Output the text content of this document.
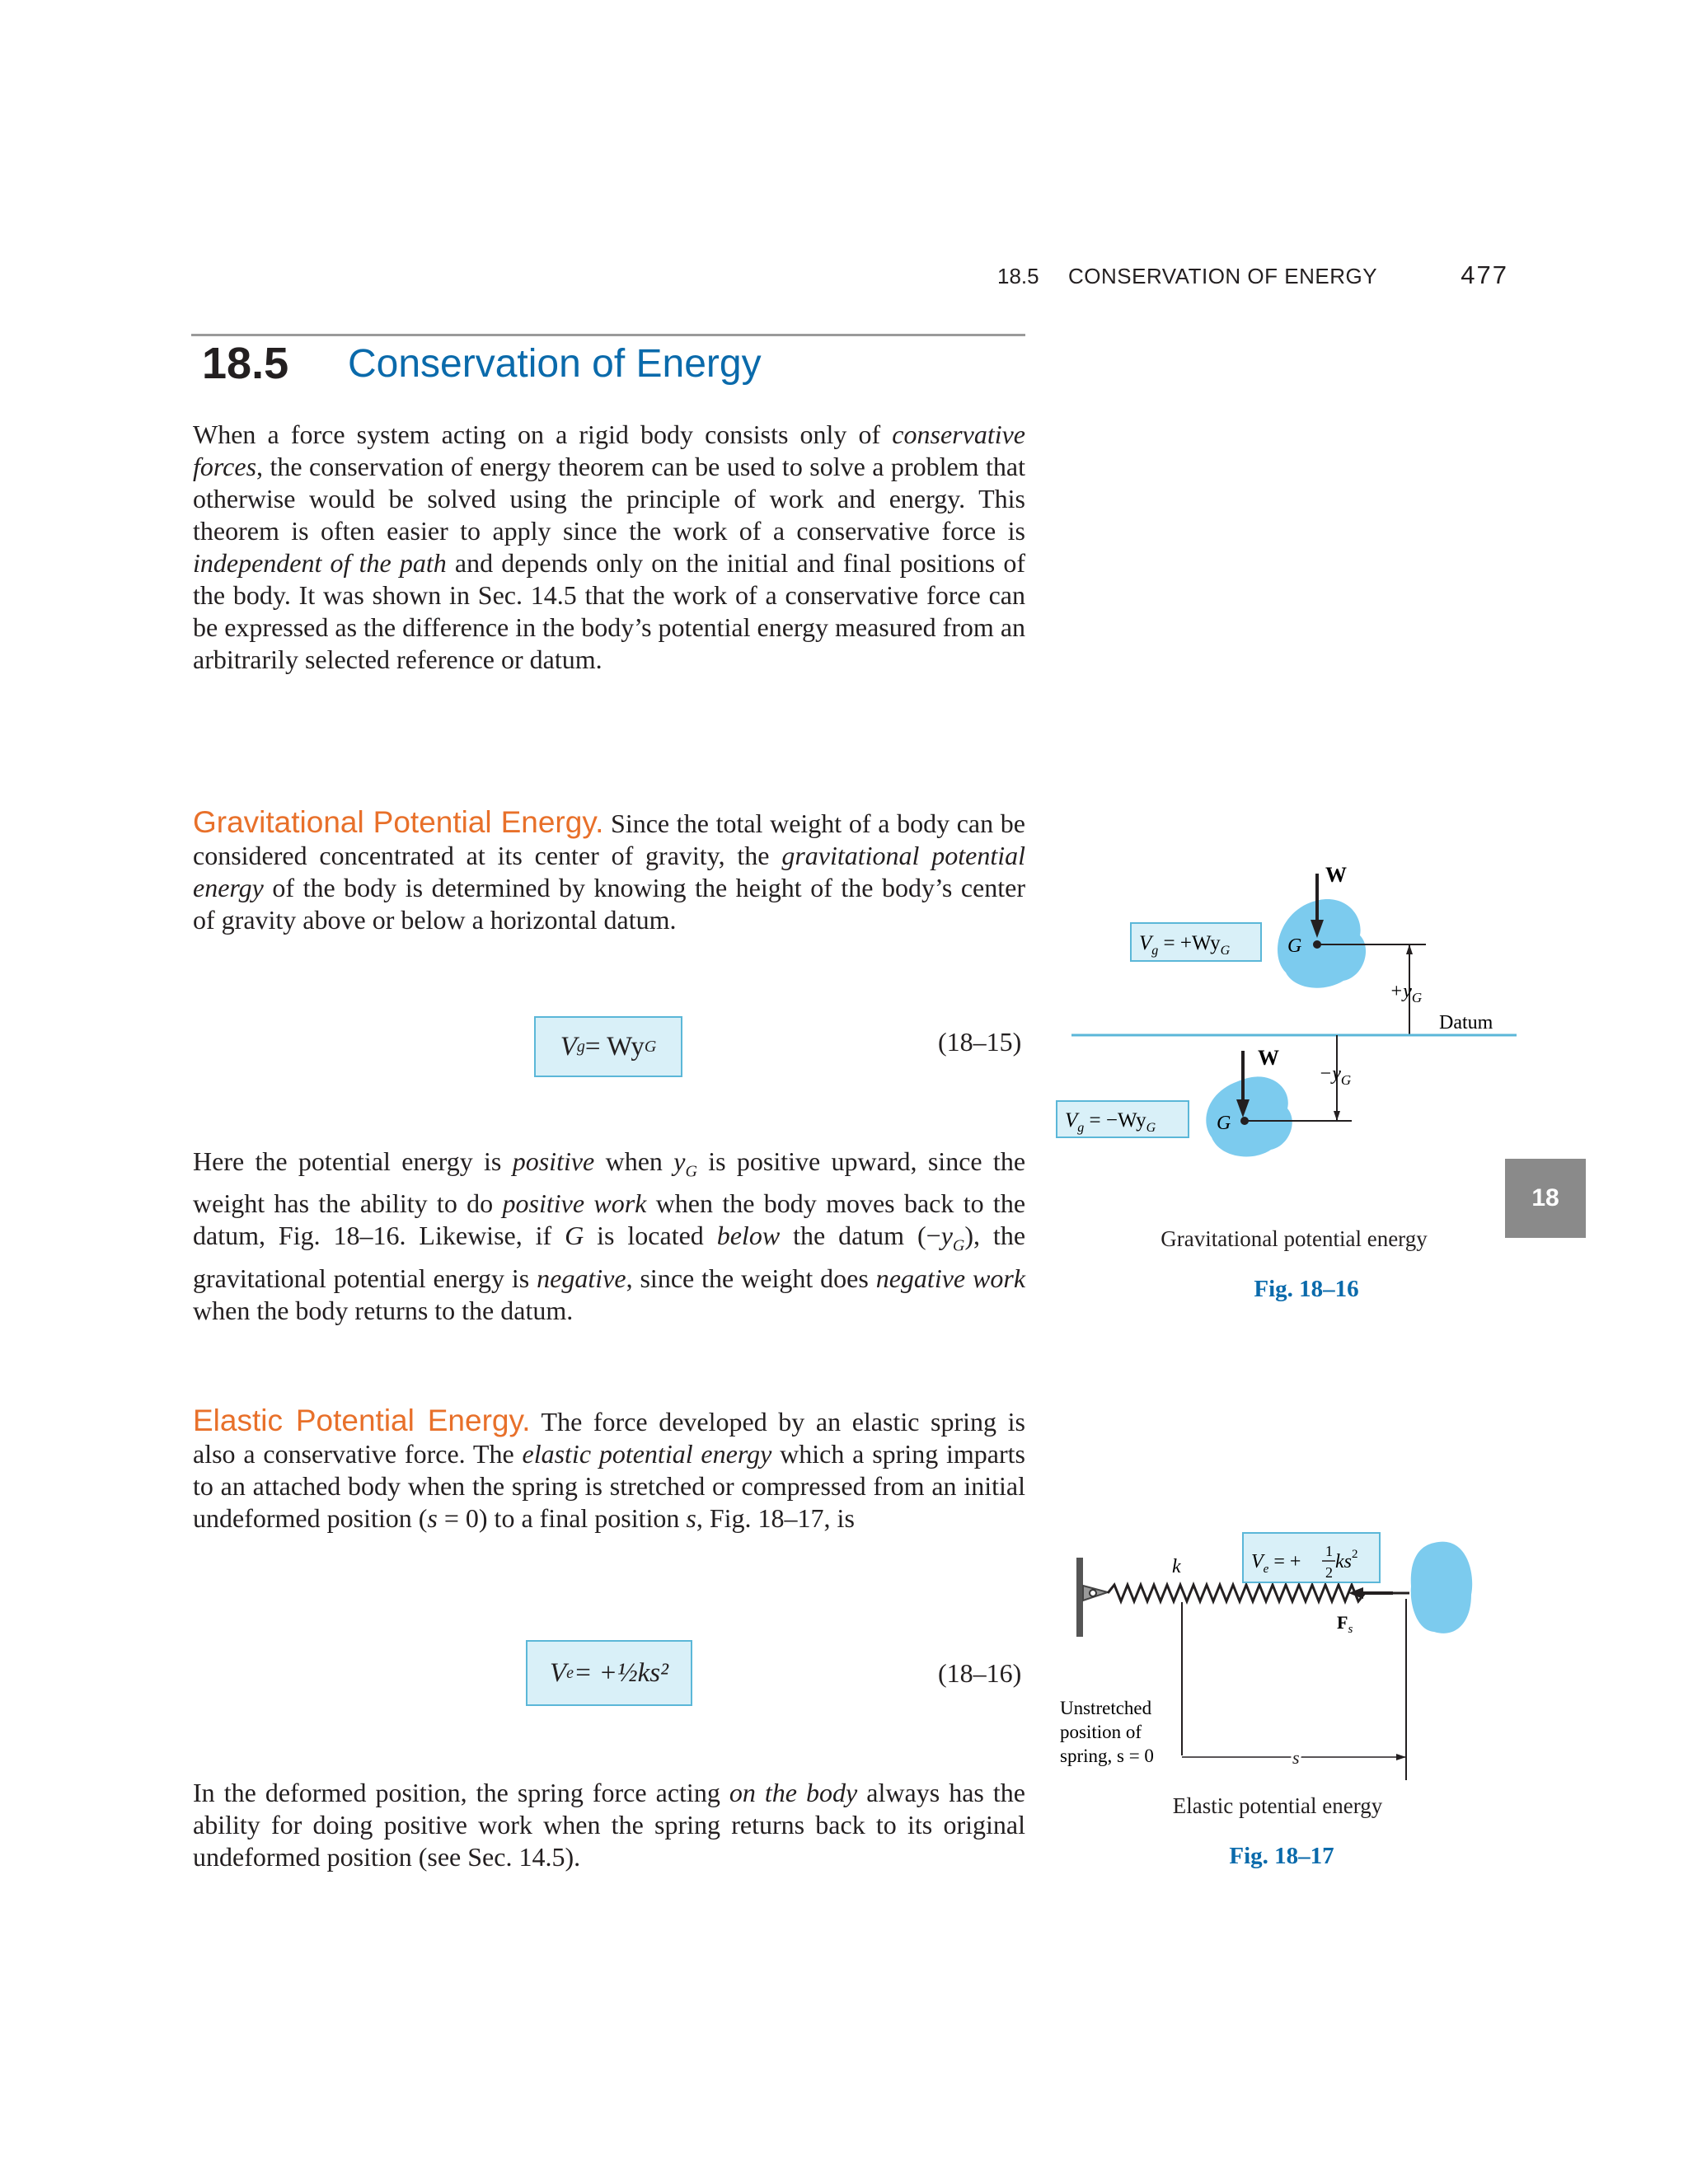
18.5 CONSERVATION OF ENERGY	477
18.5 Conservation of Energy
When a force system acting on a rigid body consists only of conservative forces, the conservation of energy theorem can be used to solve a problem that otherwise would be solved using the principle of work and energy. This theorem is often easier to apply since the work of a conservative force is independent of the path and depends only on the initial and final positions of the body. It was shown in Sec. 14.5 that the work of a conservative force can be expressed as the difference in the body’s potential energy measured from an arbitrarily selected reference or datum.
Gravitational Potential Energy. Since the total weight of a body can be considered concentrated at its center of gravity, the gravitational potential energy of the body is determined by knowing the height of the body’s center of gravity above or below a horizontal datum.
V g = Wy G	(18–15)
Here the potential energy is positive when $y_G$ is positive upward, since the weight has the ability to do positive work when the body moves back to the datum, Fig. 18–16. Likewise, if G is located below the datum $(-y_G)$, the gravitational potential energy is negative, since the weight does negative work when the body returns to the datum.
Elastic Potential Energy. The force developed by an elastic spring is also a conservative force. The elastic potential energy which a spring imparts to an attached body when the spring is stretched or compressed from an initial undeformed position (s = 0) to a final position s, Fig. 18–17, is
V e = +½ks²	(18–16)
In the deformed position, the spring force acting on the body always has the ability for doing positive work when the spring returns back to its original undeformed position (see Sec. 14.5).
18
W
G
$+y_G$
$V_g = +Wy_G$
Datum
W
G
$-y_G$
$V_g = -Wy_G$
Gravitational potential energy
Fig. 18–16
k
$F_s$
$V_e$ = + 1
2 $ks^2$
s
Unstretched
position of
spring, s = 0
Elastic potential energy
Fig. 18–17
